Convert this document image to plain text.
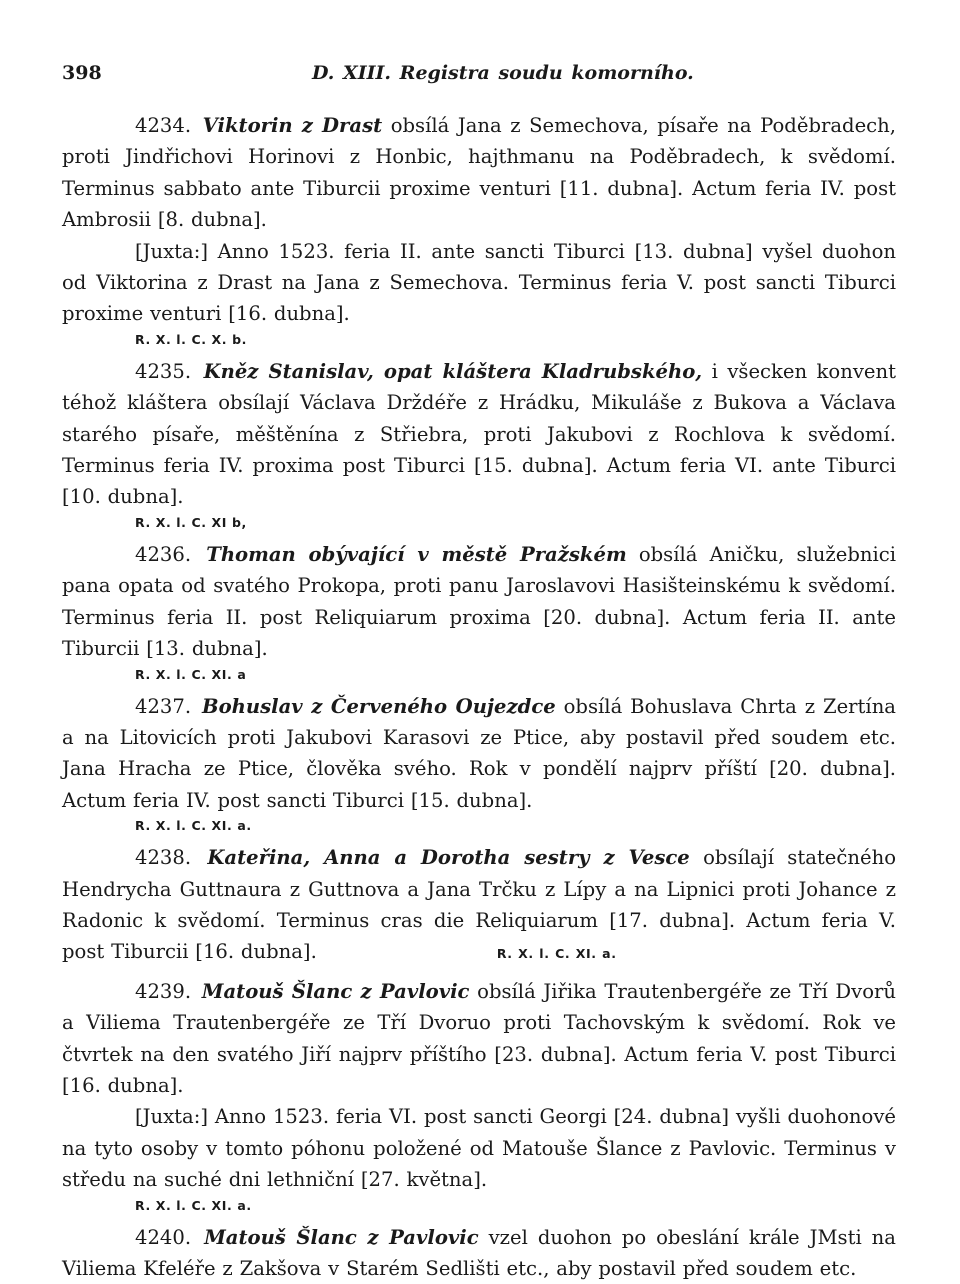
398	D. XIII. Registra soudu komorního.

4234. Viktorin z Drast obsílá Jana z Semechova, písaře na Poděbradech, proti Jindřichovi Horinovi z Honbic, hajthmanu na Poděbradech, k svědomí. Terminus sabbato ante Tiburcii proxime venturi [11. dubna]. Actum feria IV. post Ambrosii [8. dubna].

[Juxta:] Anno 1523. feria II. ante sancti Tiburci [13. dubna] vyšel duohon od Viktorina z Drast na Jana z Semechova. Terminus feria V. post sancti Tiburci proxime venturi [16. dubna].

R. X. l. C. X. b.

4235. Kněz Stanislav, opat kláštera Kladrubského, i všecken konvent téhož kláštera obsílají Václava Drždéře z Hrádku, Mikuláše z Bukova a Václava starého písaře, měštěnína z Střiebra, proti Jakubovi z Rochlova k svědomí. Terminus feria IV. proxima post Tiburci [15. dubna]. Actum feria VI. ante Tiburci [10. dubna].

R. X. l. C. XI b,

4236. Thoman obývající v městě Pražském obsílá Aničku, služebnici pana opata od svatého Prokopa, proti panu Jaroslavovi Hasišteinskému k svědomí. Terminus feria II. post Reliquiarum proxima [20. dubna]. Actum feria II. ante Tiburcii [13. dubna].

R. X. l. C. XI. a

4237. Bohuslav z Červeného Oujezdce obsílá Bohuslava Chrta z Zertína a na Litovicích proti Jakubovi Karasovi ze Ptice, aby postavil před soudem etc. Jana Hracha ze Ptice, člověka svého. Rok v pondělí najprv příští [20. dubna]. Actum feria IV. post sancti Tiburci [15. dubna].

R. X. l. C. XI. a.

4238. Kateřina, Anna a Dorotha sestry z Vesce obsílají statečného Hendrycha Guttnaura z Guttnova a Jana Trčku z Lípy a na Lipnici proti Johance z Radonic k svědomí. Terminus cras die Reliquiarum [17. dubna]. Actum feria V. post Tiburcii [16. dubna].	R. X. l. C. XI. a.

4239. Matouš Šlanc z Pavlovic obsílá Jiřika Trautenbergéře ze Tří Dvorů a Viliema Trautenbergéře ze Tří Dvoruo proti Tachovským k svědomí. Rok ve čtvrtek na den svatého Jiří najprv příštího [23. dubna]. Actum feria V. post Tiburci [16. dubna].

[Juxta:] Anno 1523. feria VI. post sancti Georgi [24. dubna] vyšli duohonové na tyto osoby v tomto póhonu položené od Matouše Šlance z Pavlovic. Terminus v středu na suché dni lethniční [27. května].

R. X. l. C. XI. a.

4240. Matouš Šlanc z Pavlovic vzel duohon po obeslání krále JMsti na Viliema Kfeléře z Zakšova v Starém Sedlišti etc., aby postavil před soudem etc.
